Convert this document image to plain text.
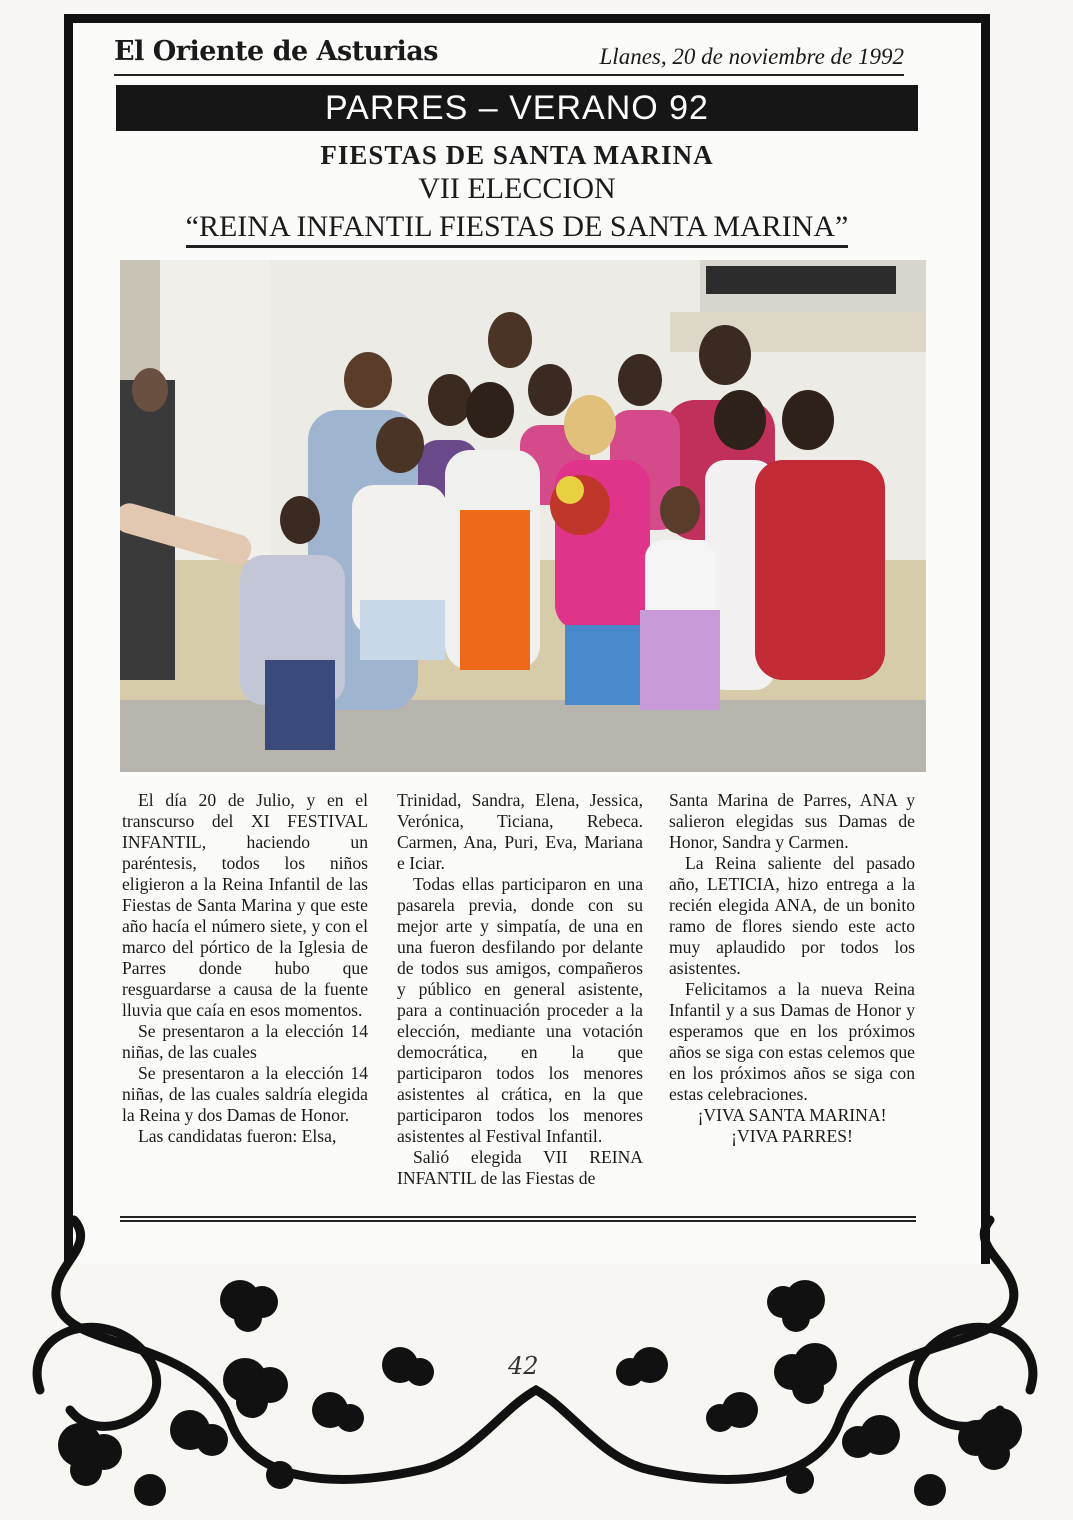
El Oriente de Asturias	Llanes, 20 de noviembre de 1992
PARRES – VERANO 92
FIESTAS DE SANTA MARINA
VII ELECCION
“REINA INFANTIL FIESTAS DE SANTA MARINA”

El día 20 de Julio, y en el transcurso del XI FESTIVAL INFANTIL, haciendo un paréntesis, todos los niños eligieron a la Reina Infantil de las Fiestas de Santa Marina y que este año hacía el número siete, y con el marco del pórtico de la Iglesia de Parres donde hubo que resguardarse a causa de la fuente lluvia que caía en esos momentos.

Se presentaron a la elección 14 niñas, de las cuales

Se presentaron a la elección 14 niñas, de las cuales saldría elegida la Reina y dos Damas de Honor.

Las candidatas fueron: Elsa,

Trinidad, Sandra, Elena, Jessica, Verónica, Ticiana, Rebeca. Carmen, Ana, Puri, Eva, Mariana e Iciar.

Todas ellas participaron en una pasarela previa, donde con su mejor arte y simpatía, de una en una fueron desfilando por delante de todos sus amigos, compañeros y público en general asistente, para a continuación proceder a la elección, mediante una votación democrática, en la que participaron todos los menores asistentes al crática, en la que participaron todos los menores asistentes al Festival Infantil.

Salió elegida VII REINA INFANTIL de las Fiestas de

Santa Marina de Parres, ANA y salieron elegidas sus Damas de Honor, Sandra y Carmen.

La Reina saliente del pasado año, LETICIA, hizo entrega a la recién elegida ANA, de un bonito ramo de flores siendo este acto muy aplaudido por todos los asistentes.

Felicitamos a la nueva Reina Infantil y a sus Damas de Honor y esperamos que en los próximos años se siga con estas celemos que en los próximos años se siga con estas celebraciones.

¡VIVA SANTA MARINA!

¡VIVA PARRES!

42
